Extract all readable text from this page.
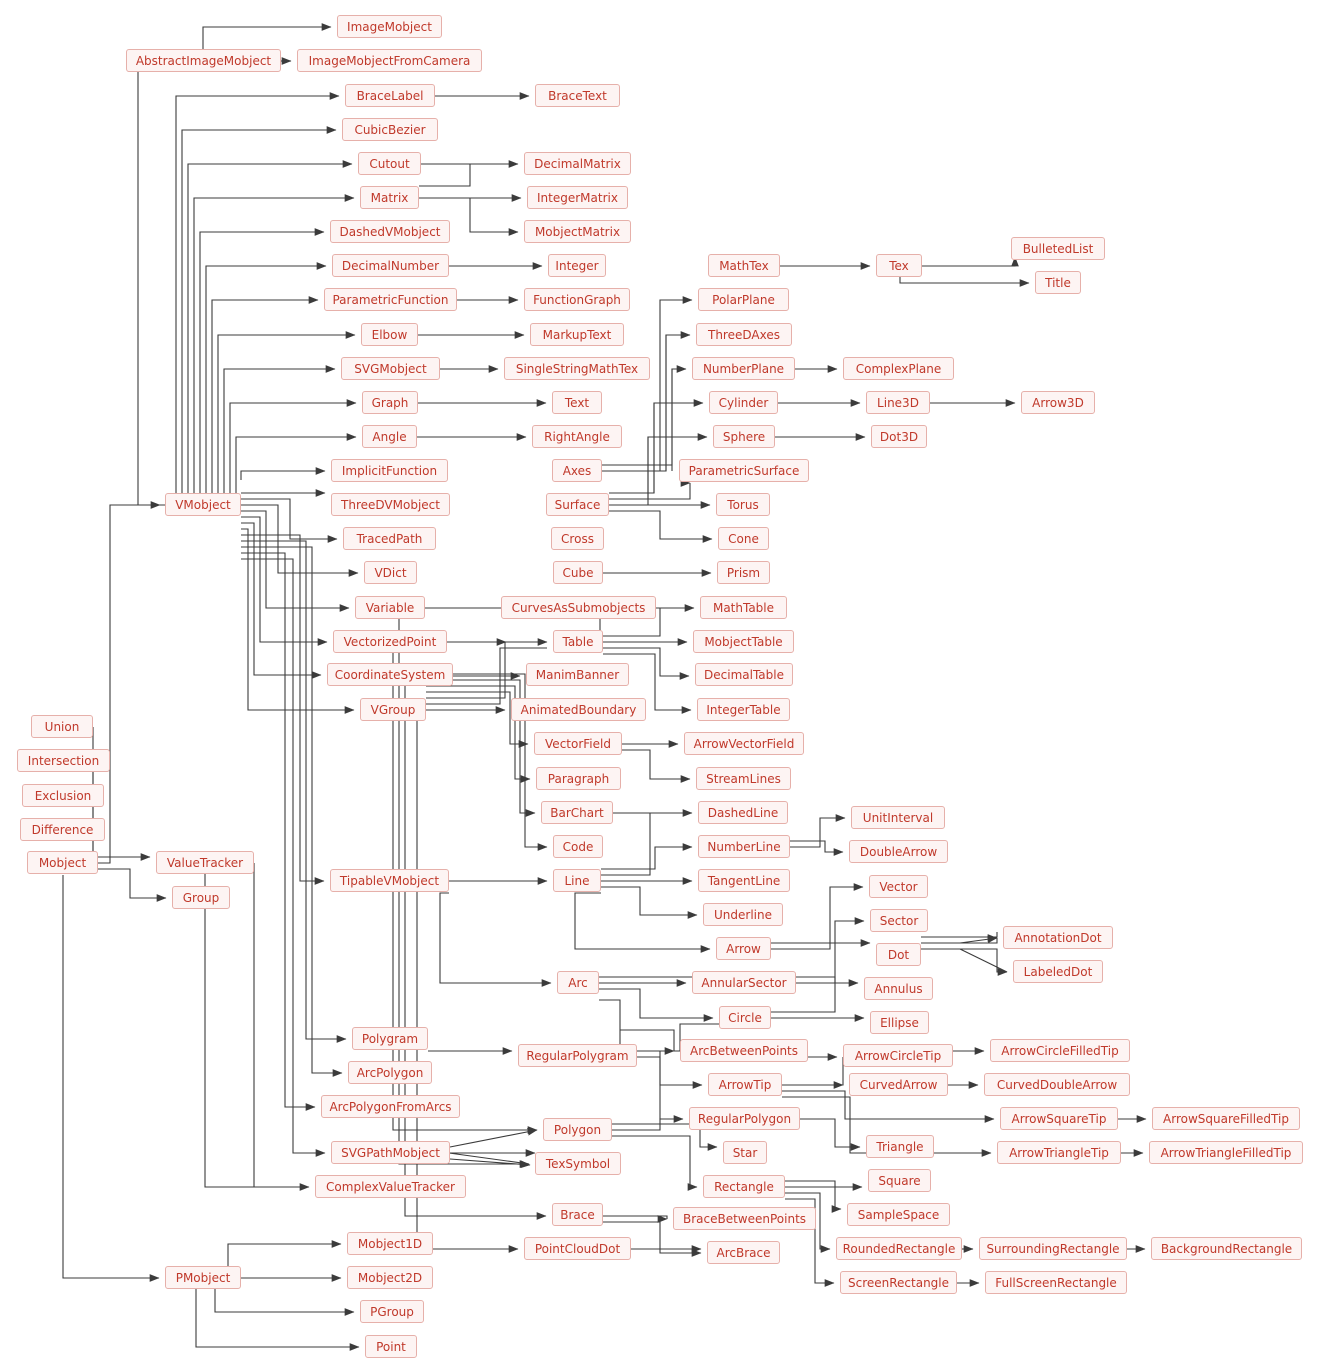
ImageMobject
AbstractImageMobject	ImageMobjectFromCamera
BraceLabel	BraceText
CubicBezier
Cutout	DecimalMatrix
Matrix	IntegerMatrix
DashedVMobject	MobjectMatrix
DecimalNumber	Integer	MathTex	Tex
BulletedList
Title
ParametricFunction	FunctionGraph	PolarPlane
Elbow	MarkupText	ThreeDAxes
SVGMobject	SingleStringMathTex	NumberPlane	ComplexPlane
Graph	Text	Cylinder	Line3D	Arrow3D
Angle	RightAngle	Sphere	Dot3D
ImplicitFunction	Axes	ParametricSurface
VMobject	ThreeDVMobject	Surface	Torus
TracedPath	Cross	Cone
VDict	Cube	Prism
Variable	CurvesAsSubmobjects	MathTable
VectorizedPoint	Table	MobjectTable
CoordinateSystem	ManimBanner	DecimalTable
VGroup	AnimatedBoundary	IntegerTable
Union
VectorField	ArrowVectorField
Intersection
Paragraph	StreamLines
Exclusion
BarChart	DashedLine	UnitInterval
Difference
Code	NumberLine	DoubleArrow
Mobject	ValueTracker
TipableVMobject	Line	TangentLine	Vector
Group
Underline	Sector
Arrow	Dot
AnnotationDot
LabeledDot
Arc	AnnularSector	Annulus
Circle	Ellipse
Polygram
RegularPolygram	ArcBetweenPoints	ArrowCircleTip	ArrowCircleFilledTip
ArcPolygon
ArrowTip	CurvedArrow	CurvedDoubleArrow
ArcPolygonFromArcs
Polygon
RegularPolygon	ArrowSquareTip	ArrowSquareFilledTip
SVGPathMobject
TexSymbol
Star	Triangle	ArrowTriangleTip	ArrowTriangleFilledTip
ComplexValueTracker	Rectangle	Square
SampleSpace
Brace	BraceBetweenPoints
Mobject1D	PointCloudDot	ArcBrace	RoundedRectangle	SurroundingRectangle	BackgroundRectangle
PMobject	Mobject2D	ScreenRectangle	FullScreenRectangle
PGroup
Point
